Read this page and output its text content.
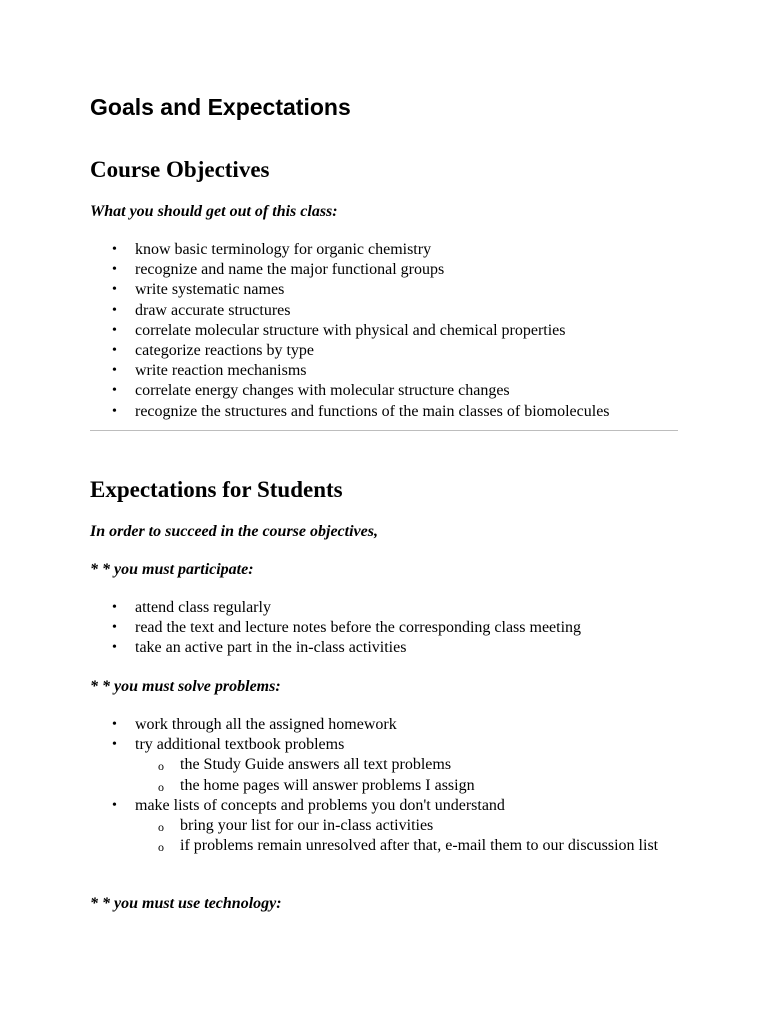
Goals and Expectations
Course Objectives

What you should get out of this class:

• know basic terminology for organic chemistry
• recognize and name the major functional groups
• write systematic names
• draw accurate structures
• correlate molecular structure with physical and chemical properties
• categorize reactions by type
• write reaction mechanisms
• correlate energy changes with molecular structure changes
• recognize the structures and functions of the main classes of biomolecules
Expectations for Students

In order to succeed in the course objectives,

* * you must participate:

• attend class regularly
• read the text and lecture notes before the corresponding class meeting
• take an active part in the in-class activities

* * you must solve problems:

• work through all the assigned homework
• try additional textbook problems
o the Study Guide answers all text problems
o the home pages will answer problems I assign
• make lists of concepts and problems you don't understand
o bring your list for our in-class activities
o if problems remain unresolved after that, e-mail them to our discussion list

* * you must use technology:
